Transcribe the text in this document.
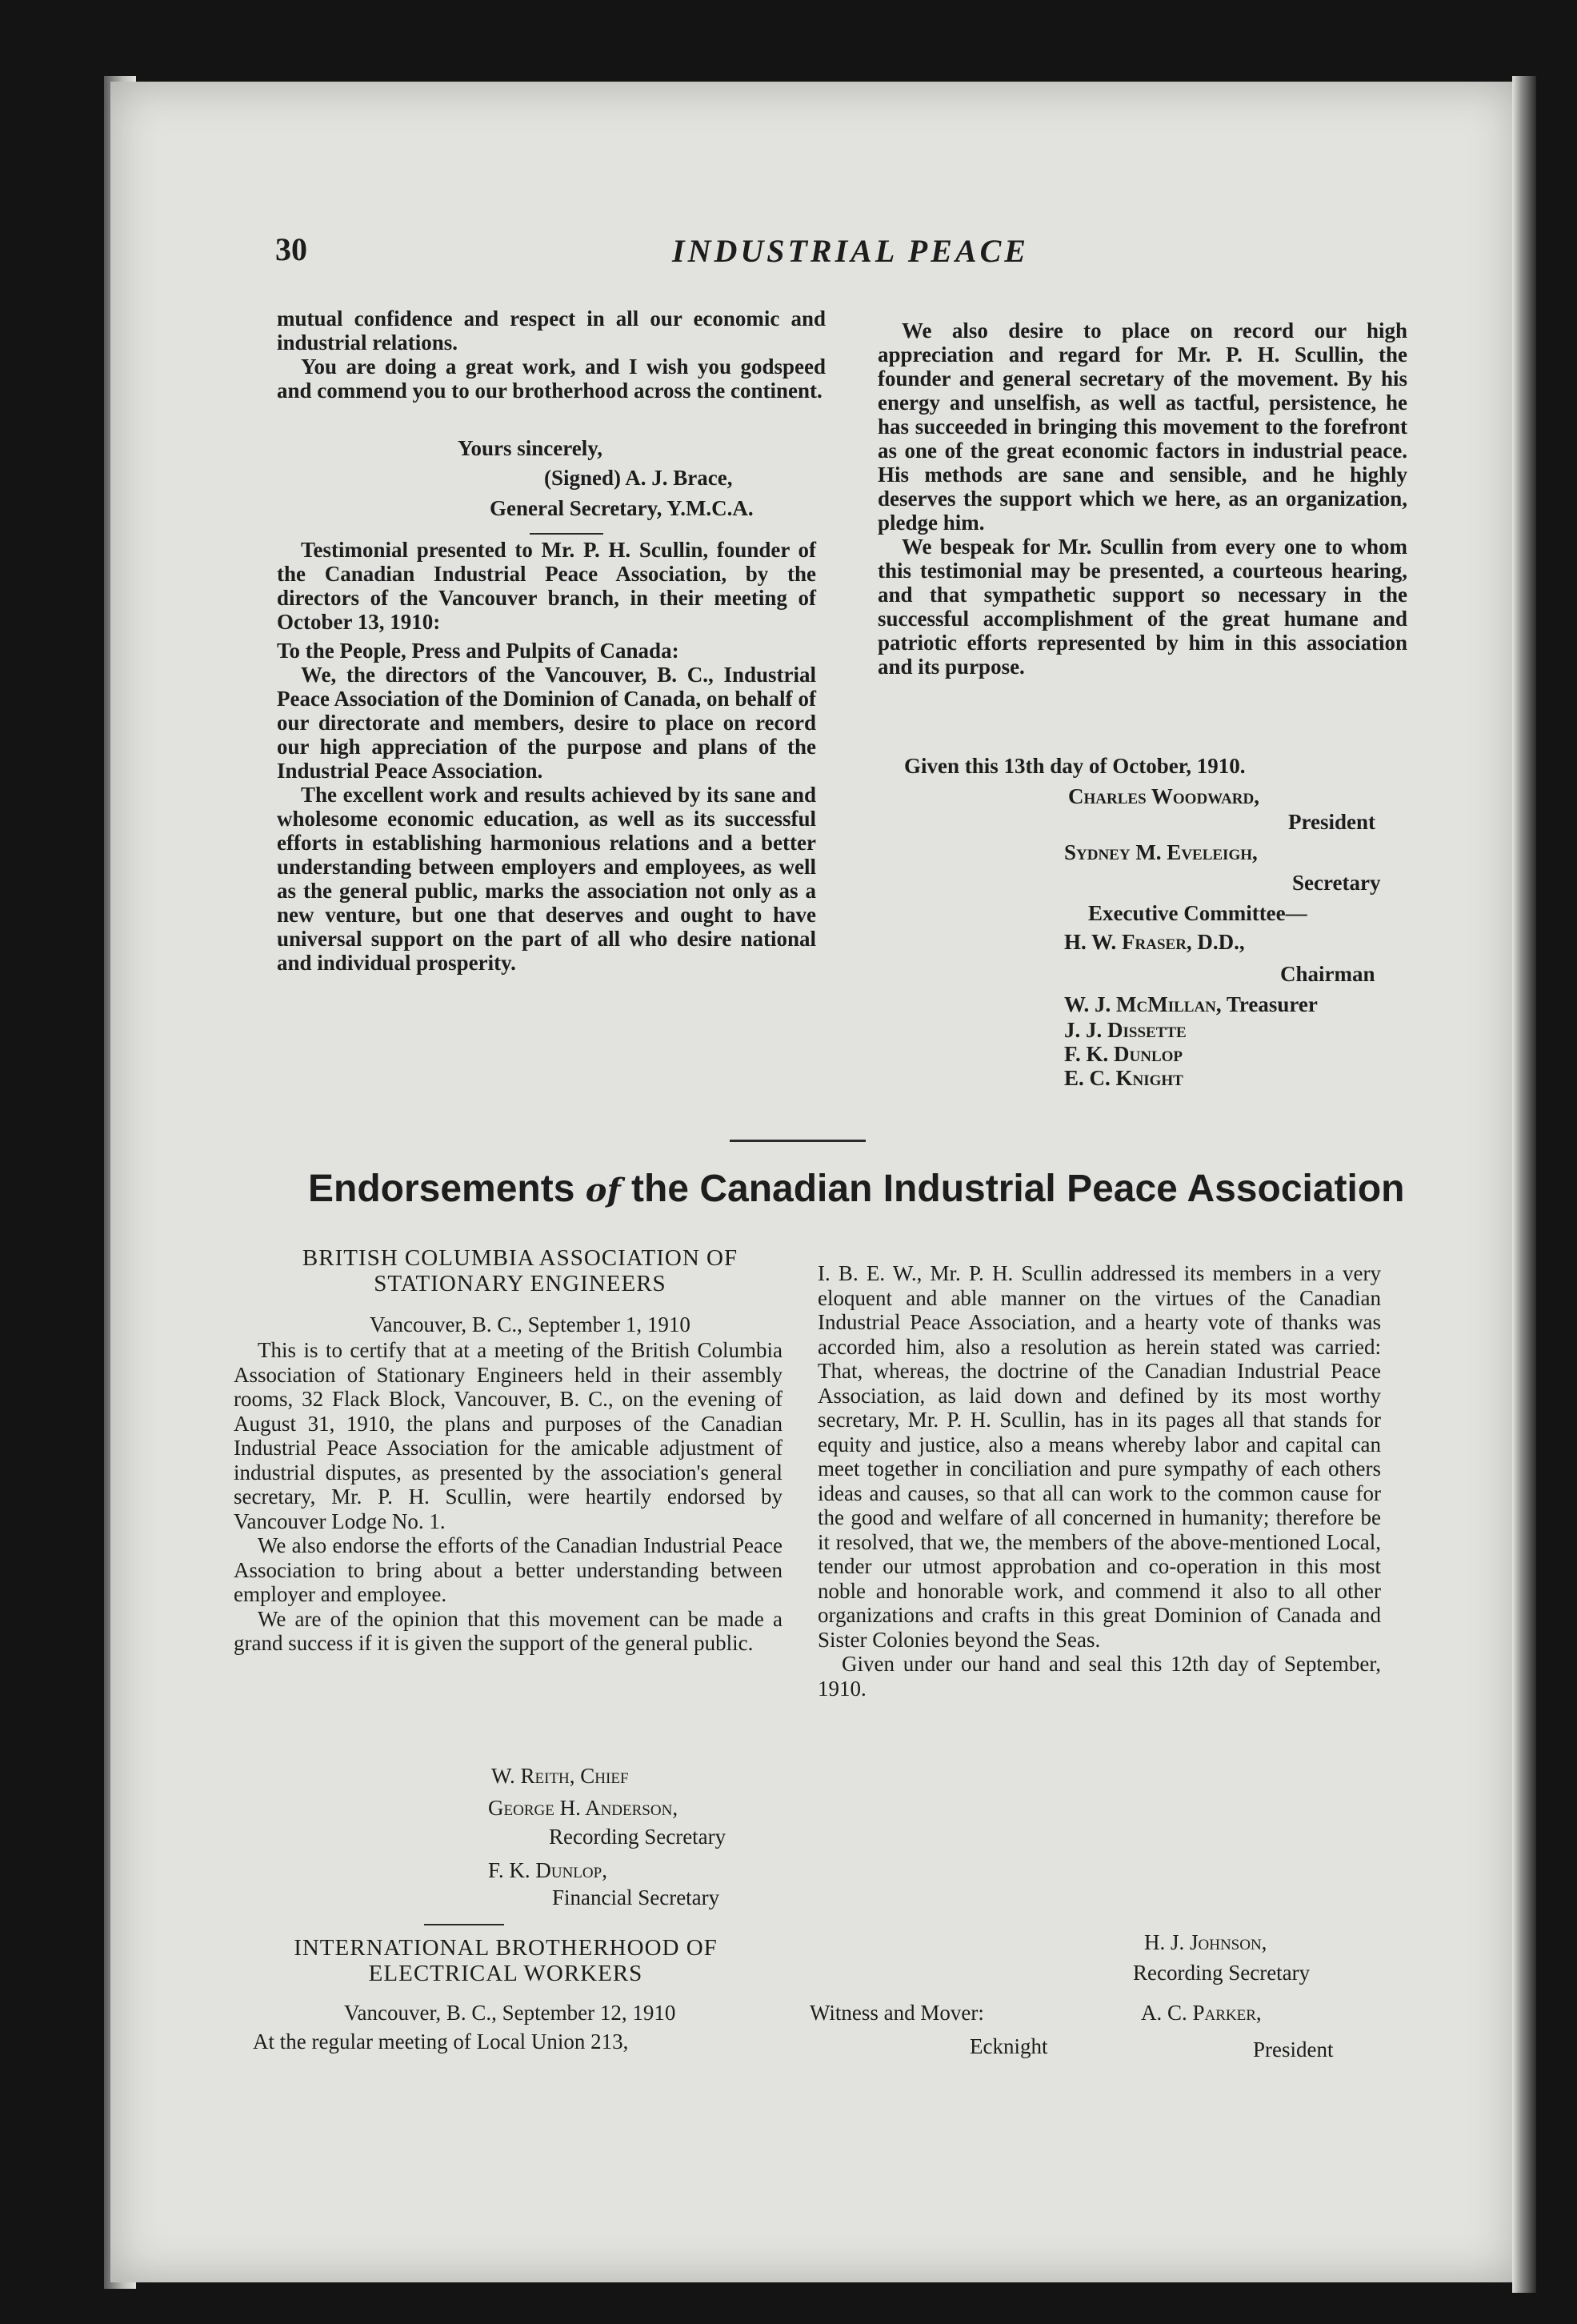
30	INDUSTRIAL PEACE

mutual confidence and respect in all our economic and industrial relations.

You are doing a great work, and I wish you godspeed and commend you to our brotherhood across the continent.

Yours sincerely,
(Signed) A. J. Brace,
General Secretary, Y.M.C.A.

Testimonial presented to Mr. P. H. Scullin, founder of the Canadian Industrial Peace Association, by the directors of the Vancouver branch, in their meeting of October 13, 1910:

To the People, Press and Pulpits of Canada:

We, the directors of the Vancouver, B. C., Industrial Peace Association of the Dominion of Canada, on behalf of our directorate and members, desire to place on record our high appreciation of the purpose and plans of the Industrial Peace Association.

The excellent work and results achieved by its sane and wholesome economic education, as well as its successful efforts in establishing harmonious relations and a better understanding between employers and employees, as well as the general public, marks the association not only as a new venture, but one that deserves and ought to have universal support on the part of all who desire national and individual prosperity.

We also desire to place on record our high appreciation and regard for Mr. P. H. Scullin, the founder and general secretary of the movement. By his energy and unselfish, as well as tactful, persistence, he has succeeded in bringing this movement to the forefront as one of the great economic factors in industrial peace. His methods are sane and sensible, and he highly deserves the support which we here, as an organization, pledge him.

We bespeak for Mr. Scullin from every one to whom this testimonial may be presented, a courteous hearing, and that sympathetic support so necessary in the successful accomplishment of the great humane and patriotic efforts represented by him in this association and its purpose.

Given this 13th day of October, 1910.
Charles Woodward,
President
Sydney M. Eveleigh,
Secretary
Executive Committee—
H. W. Fraser, D.D.,
Chairman
W. J. McMillan, Treasurer
J. J. Dissette
F. K. Dunlop
E. C. Knight
Endorsements of the Canadian Industrial Peace Association
BRITISH COLUMBIA ASSOCIATION OF
STATIONARY ENGINEERS
Vancouver, B. C., September 1, 1910

This is to certify that at a meeting of the British Columbia Association of Stationary Engineers held in their assembly rooms, 32 Flack Block, Vancouver, B. C., on the evening of August 31, 1910, the plans and purposes of the Canadian Industrial Peace Association for the amicable adjustment of industrial disputes, as presented by the association's general secretary, Mr. P. H. Scullin, were heartily endorsed by Vancouver Lodge No. 1.

We also endorse the efforts of the Canadian Industrial Peace Association to bring about a better understanding between employer and employee.

We are of the opinion that this movement can be made a grand success if it is given the support of the general public.

W. Reith, Chief
George H. Anderson,
Recording Secretary
F. K. Dunlop,
Financial Secretary
INTERNATIONAL BROTHERHOOD OF
ELECTRICAL WORKERS
Vancouver, B. C., September 12, 1910
At the regular meeting of Local Union 213,

I. B. E. W., Mr. P. H. Scullin addressed its members in a very eloquent and able manner on the virtues of the Canadian Industrial Peace Association, and a hearty vote of thanks was accorded him, also a resolution as herein stated was carried: That, whereas, the doctrine of the Canadian Industrial Peace Association, as laid down and defined by its most worthy secretary, Mr. P. H. Scullin, has in its pages all that stands for equity and justice, also a means whereby labor and capital can meet together in conciliation and pure sympathy of each others ideas and causes, so that all can work to the common cause for the good and welfare of all concerned in humanity; therefore be it resolved, that we, the members of the above-mentioned Local, tender our utmost approbation and co-operation in this most noble and honorable work, and commend it also to all other organizations and crafts in this great Dominion of Canada and Sister Colonies beyond the Seas.

Given under our hand and seal this 12th day of September, 1910.

H. J. Johnson,
Recording Secretary
Witness and Mover:
Ecknight
A. C. Parker,
President
